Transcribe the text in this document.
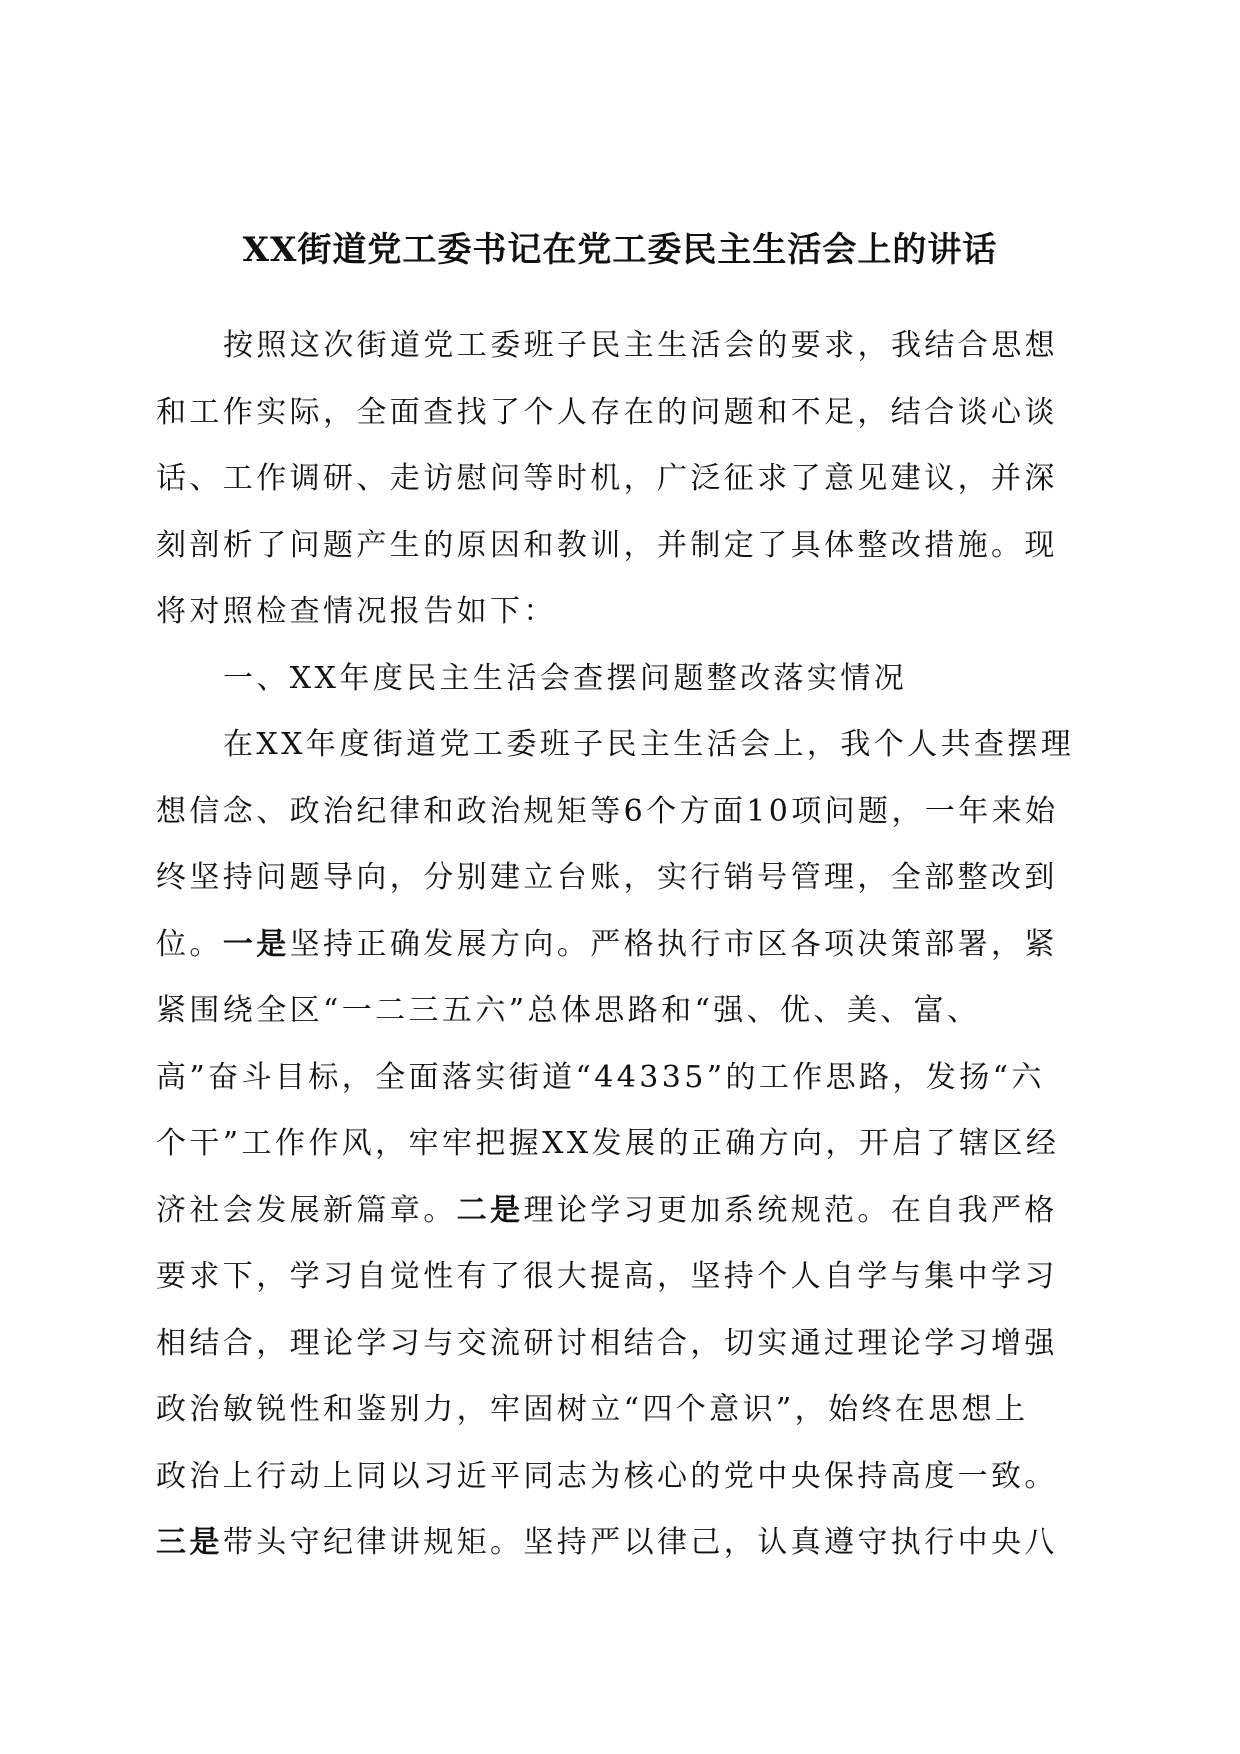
XX街道党工委书记在党工委民主生活会上的讲话
按照这次街道党工委班子民主生活会的要求，我结合思想
和工作实际，全面查找了个人存在的问题和不足，结合谈心谈
话、工作调研、走访慰问等时机，广泛征求了意见建议，并深
刻剖析了问题产生的原因和教训，并制定了具体整改措施。现
将对照检查情况报告如下：
一、XX年度民主生活会查摆问题整改落实情况
在XX年度街道党工委班子民主生活会上，我个人共查摆理
想信念、政治纪律和政治规矩等6个方面10项问题，一年来始
终坚持问题导向，分别建立台账，实行销号管理，全部整改到
位。一是坚持正确发展方向。严格执行市区各项决策部署，紧
紧围绕全区“一二三五六”总体思路和“强、优、美、富、
高”奋斗目标，全面落实街道“44335”的工作思路，发扬“六
个干”工作作风，牢牢把握XX发展的正确方向，开启了辖区经
济社会发展新篇章。二是理论学习更加系统规范。在自我严格
要求下，学习自觉性有了很大提高，坚持个人自学与集中学习
相结合，理论学习与交流研讨相结合，切实通过理论学习增强
政治敏锐性和鉴别力，牢固树立“四个意识”，始终在思想上
政治上行动上同以习近平同志为核心的党中央保持高度一致。
三是带头守纪律讲规矩。坚持严以律己，认真遵守执行中央八
